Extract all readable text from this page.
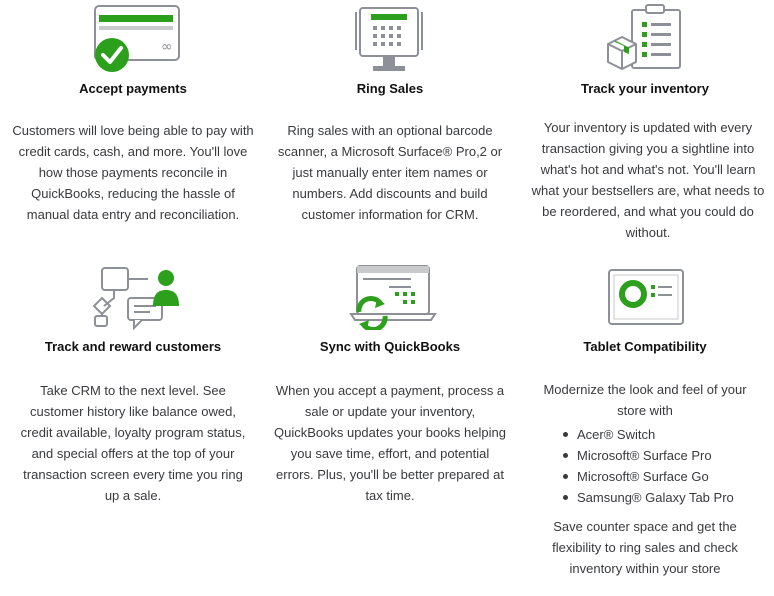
∞
Accept payments
Customers will love being able to pay with credit cards, cash, and more. You'll love how those payments reconcile in QuickBooks, reducing the hassle of manual data entry and reconciliation.
Ring Sales
Ring sales with an optional barcode scanner, a Microsoft Surface® Pro,2 or just manually enter item names or numbers. Add discounts and build customer information for CRM.
Track your inventory
Your inventory is updated with every transaction giving you a sightline into what's hot and what's not. You'll learn what your bestsellers are, what needs to be reordered, and what you could do without.
Track and reward customers
Take CRM to the next level. See customer history like balance owed, credit available, loyalty program status, and special offers at the top of your transaction screen every time you ring up a sale.
Sync with QuickBooks
When you accept a payment, process a sale or update your inventory, QuickBooks updates your books helping you save time, effort, and potential errors. Plus, you'll be better prepared at tax time.
Tablet Compatibility
Modernize the look and feel of your store with
Acer® Switch
Microsoft® Surface Pro
Microsoft® Surface Go
Samsung® Galaxy Tab Pro
Save counter space and get the flexibility to ring sales and check inventory within your store
